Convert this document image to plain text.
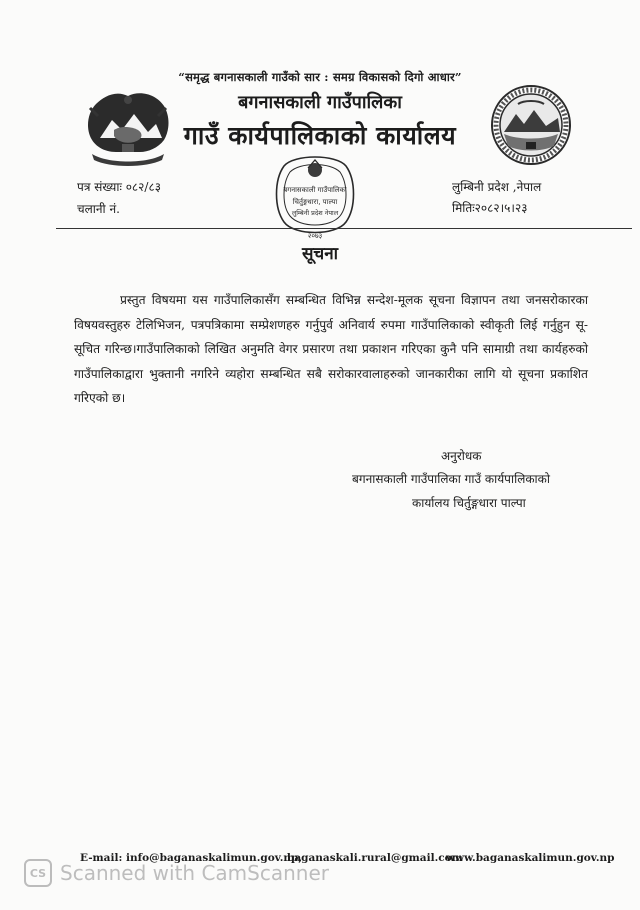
“समृद्ध बगनासकाली गाउँको सार : समग्र विकासको दिगो आधार”
बगनासकाली गाउँपालिका
गाउँ कार्यपालिकाको कार्यालय
बगनासकाली गाउँपालिका
चिर्तुङ्गधारा, पाल्पा
लुम्बिनी प्रदेश नेपाल
२०७३
पत्र संख्याः ०८२/८३
चलानी नं.
लुम्बिनी प्रदेश ,नेपाल
मितिः२०८२।५।२३
सूचना

प्रस्तुत विषयमा यस गाउँपालिकासँग सम्बन्धित विभिन्न सन्देश-मूलक सूचना विज्ञापन तथा जनसरोकारका विषयवस्तुहरु टेलिभिजन, पत्रपत्रिकामा सम्प्रेशणहरु गर्नुपुर्व अनिवार्य रुपमा गाउँपालिकाको स्वीकृती लिई गर्नुहुन सू-सूचित गरिन्छ।गाउँपालिकाको लिखित अनुमति वेगर प्रसारण तथा प्रकाशन गरिएका कुनै पनि सामाग्री तथा कार्यहरुको गाउँपालिकाद्वारा भुक्तानी नगरिने व्यहोरा सम्बन्धित सबै सरोकारवालाहरुको जानकारीका लागि यो सूचना प्रकाशित गरिएको छ।

अनुरोधक
बगनासकाली गाउँपालिका गाउँ कार्यपालिकाको
कार्यालय चिर्तुङ्गधारा पाल्पा
E-mail: info@baganaskalimun.gov.np,
baganaskali.rural@gmail.com
www.baganaskalimun.gov.np
CS Scanned with CamScanner
